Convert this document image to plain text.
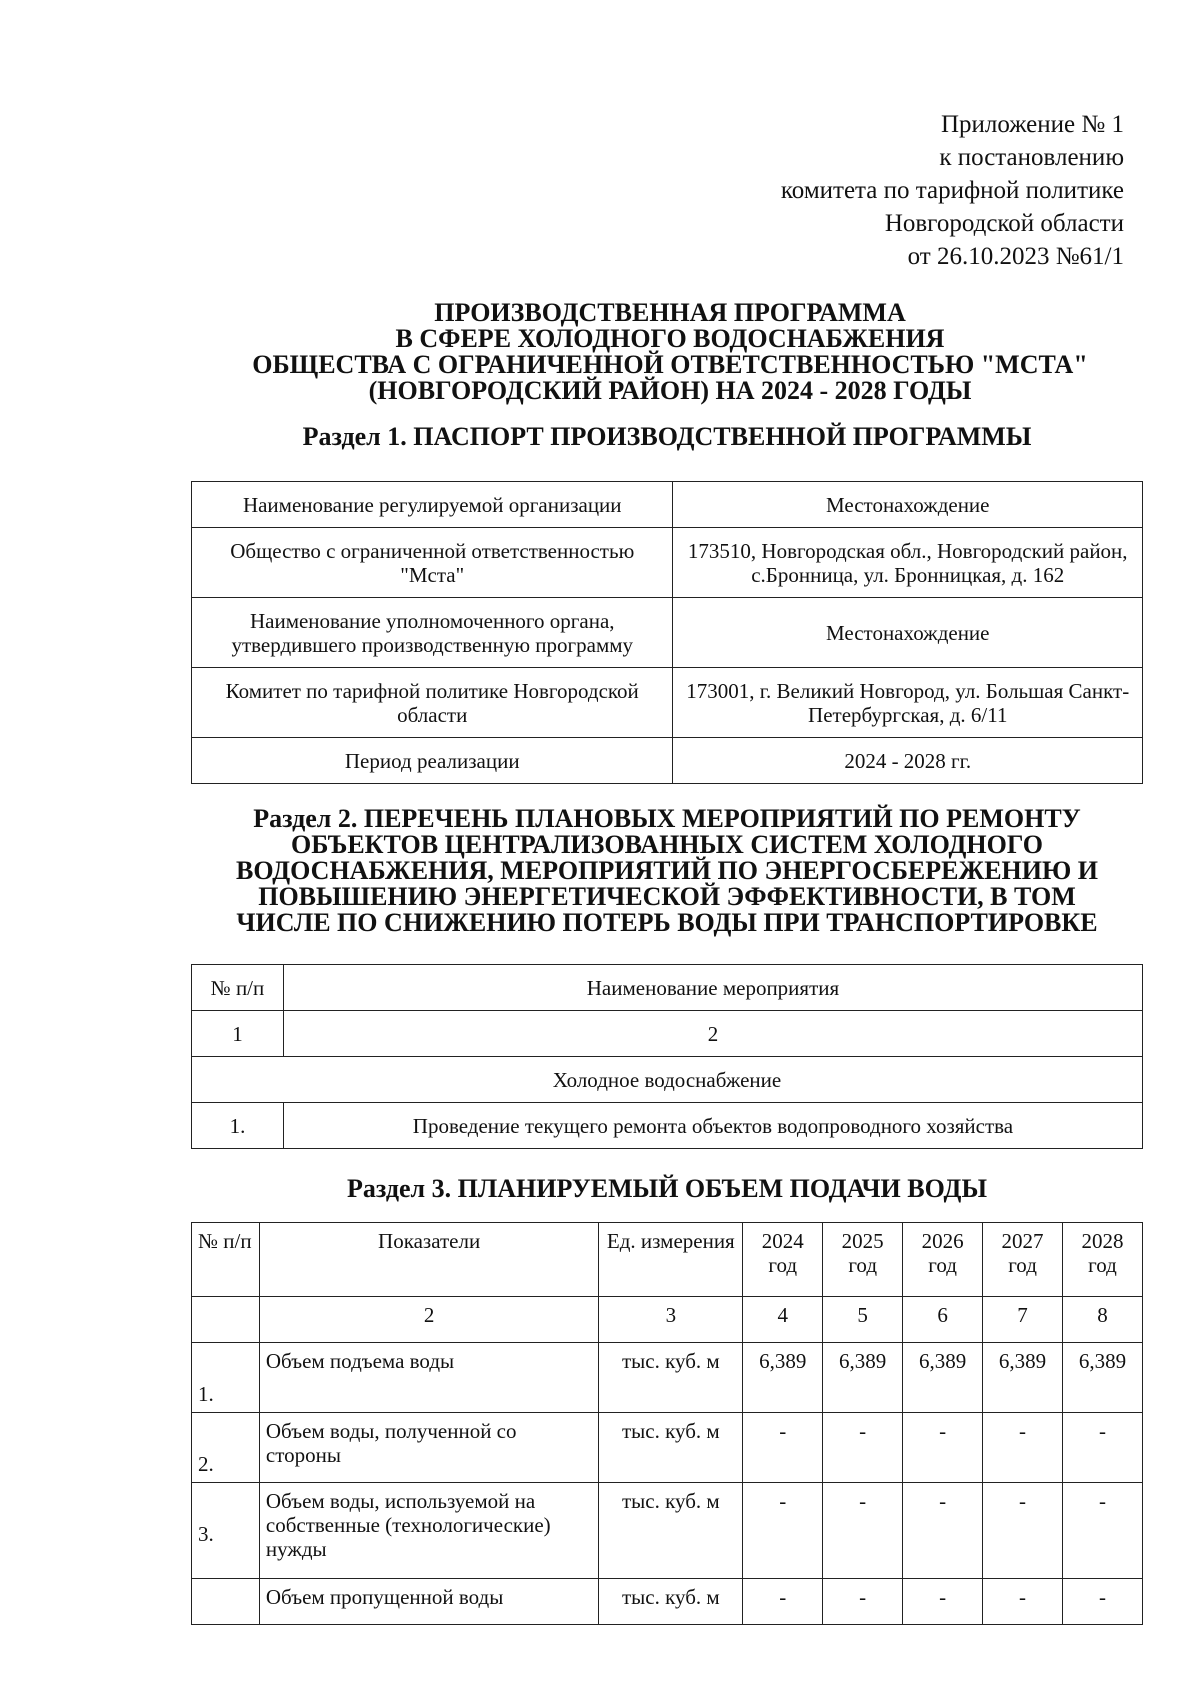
Приложение № 1
к постановлению
комитета по тарифной политике
Новгородской области
от 26.10.2023 №61/1
ПРОИЗВОДСТВЕННАЯ ПРОГРАММА
В СФЕРЕ ХОЛОДНОГО ВОДОСНАБЖЕНИЯ
ОБЩЕСТВА С ОГРАНИЧЕННОЙ ОТВЕТСТВЕННОСТЬЮ "МСТА"
(НОВГОРОДСКИЙ РАЙОН) НА 2024 - 2028 ГОДЫ
Раздел 1. ПАСПОРТ ПРОИЗВОДСТВЕННОЙ ПРОГРАММЫ
Наименование регулируемой организации	Местонахождение
Общество с ограниченной ответственностью "Мста"	173510, Новгородская обл., Новгородский район, с.Бронница, ул. Бронницкая, д. 162
Наименование уполномоченного органа, утвердившего производственную программу	Местонахождение
Комитет по тарифной политике Новгородской области	173001, г. Великий Новгород, ул. Большая Санкт-Петербургская, д. 6/11
Период реализации	2024 - 2028 гг.
Раздел 2. ПЕРЕЧЕНЬ ПЛАНОВЫХ МЕРОПРИЯТИЙ ПО РЕМОНТУ
ОБЪЕКТОВ ЦЕНТРАЛИЗОВАННЫХ СИСТЕМ ХОЛОДНОГО
ВОДОСНАБЖЕНИЯ, МЕРОПРИЯТИЙ ПО ЭНЕРГОСБЕРЕЖЕНИЮ И
ПОВЫШЕНИЮ ЭНЕРГЕТИЧЕСКОЙ ЭФФЕКТИВНОСТИ, В ТОМ
ЧИСЛЕ ПО СНИЖЕНИЮ ПОТЕРЬ ВОДЫ ПРИ ТРАНСПОРТИРОВКЕ
№ п/п	Наименование мероприятия
1	2
Холодное водоснабжение	
1.	Проведение текущего ремонта объектов водопроводного хозяйства
Раздел 3. ПЛАНИРУЕМЫЙ ОБЪЕМ ПОДАЧИ ВОДЫ
№ п/п	Показатели	Ед. измерения	2024 год	2025 год	2026 год	2027 год	2028 год
	2	3	4	5	6	7	8
1.	Объем подъема воды	тыс. куб. м	6,389	6,389	6,389	6,389	6,389
2.	Объем воды, полученной со стороны	тыс. куб. м	-	-	-	-	-
3.	Объем воды, используемой на собственные (технологические) нужды	тыс. куб. м	-	-	-	-	-
	Объем пропущенной воды	тыс. куб. м	-	-	-	-	-
